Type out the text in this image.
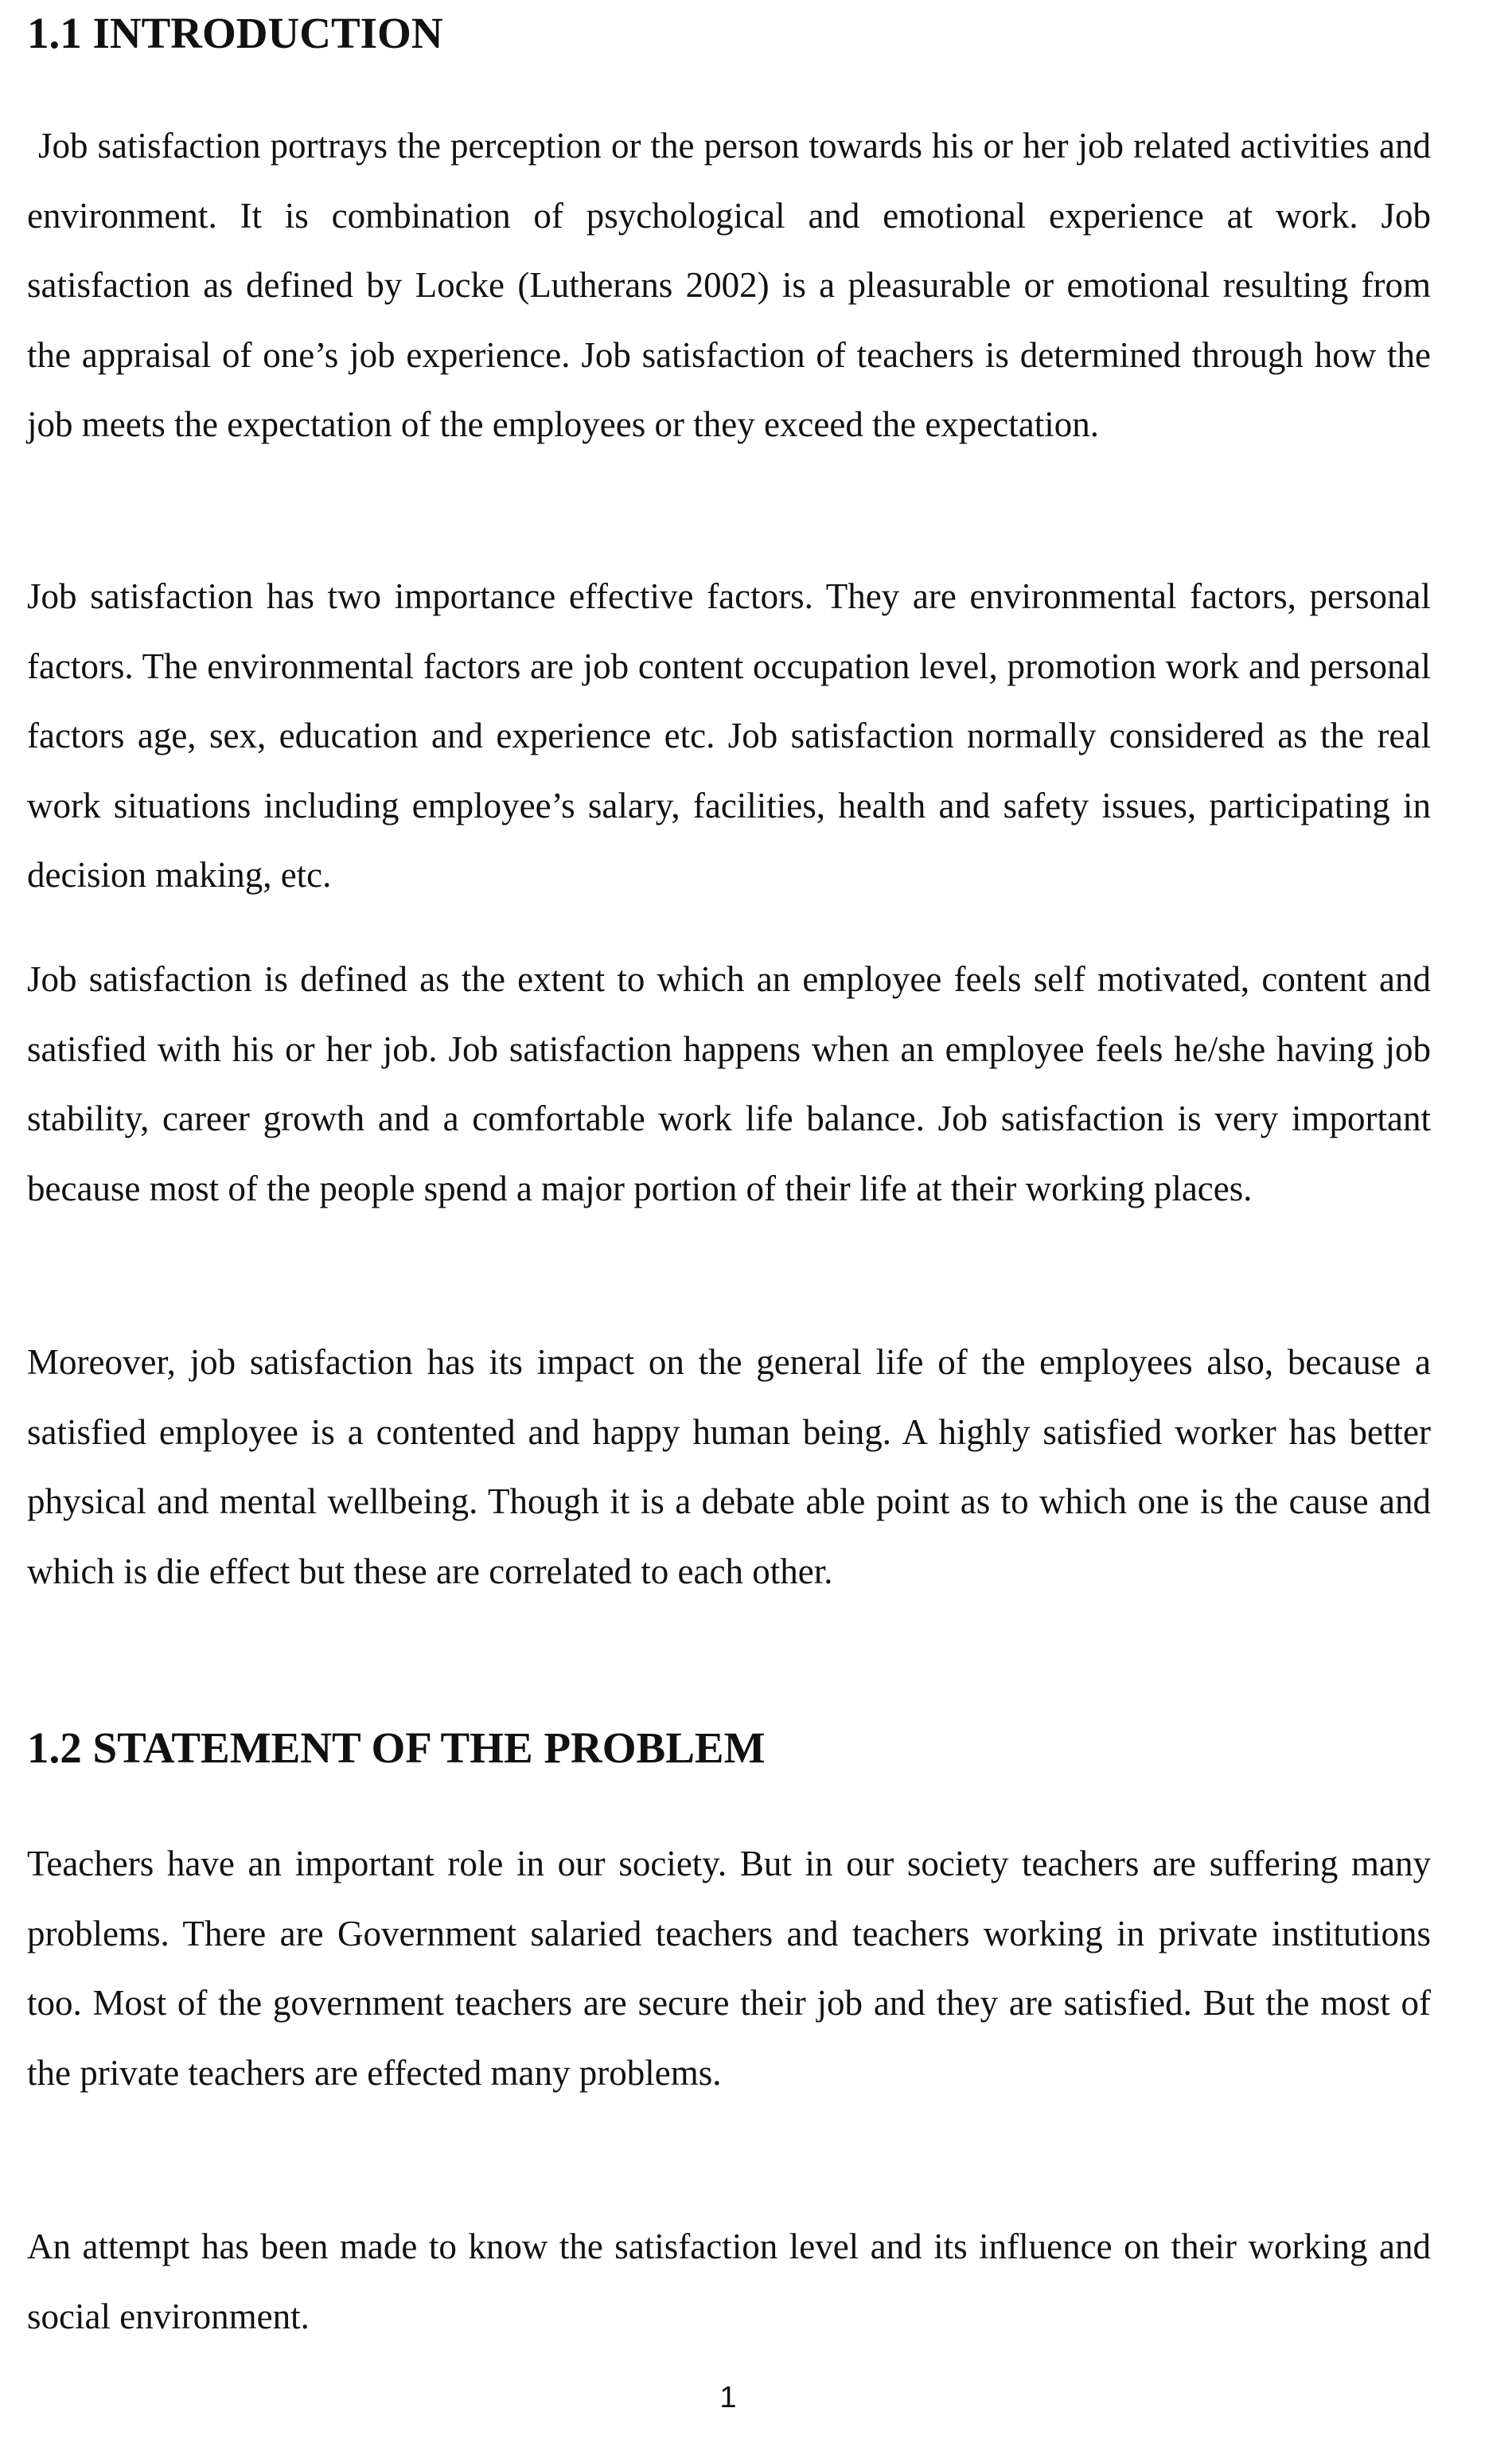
1.1 INTRODUCTION

Job satisfaction portrays the perception or the person towards his or her job related activities and environment. It is combination of psychological and emotional experience at work. Job satisfaction as defined by Locke (Lutherans 2002) is a pleasurable or emotional resulting from the appraisal of one’s job experience. Job satisfaction of teachers is determined through how the job meets the expectation of the employees or they exceed the expectation.

Job satisfaction has two importance effective factors. They are environmental factors, personal factors. The environmental factors are job content occupation level, promotion work and personal factors age, sex, education and experience etc. Job satisfaction normally considered as the real work situations including employee’s salary, facilities, health and safety issues, participating in decision making, etc.

Job satisfaction is defined as the extent to which an employee feels self motivated, content and satisfied with his or her job. Job satisfaction happens when an employee feels he/she having job stability, career growth and a comfortable work life balance. Job satisfaction is very important because most of the people spend a major portion of their life at their working places.

Moreover, job satisfaction has its impact on the general life of the employees also, because a satisfied employee is a contented and happy human being. A highly satisfied worker has better physical and mental wellbeing. Though it is a debate able point as to which one is the cause and which is die effect but these are correlated to each other.

1.2 STATEMENT OF THE PROBLEM

Teachers have an important role in our society. But in our society teachers are suffering many problems. There are Government salaried teachers and teachers working in private institutions too. Most of the government teachers are secure their job and they are satisfied. But the most of the private teachers are effected many problems.

An attempt has been made to know the satisfaction level and its influence on their working and social environment.

1
